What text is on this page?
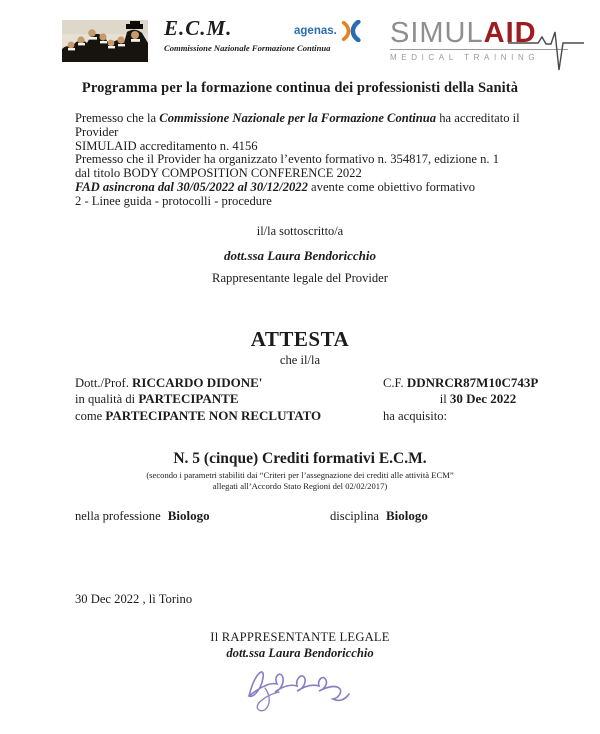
E.C.M.
Commissione Nazionale Formazione Continua
agenas. SIMULAID
MEDICAL TRAINING
Programma per la formazione continua dei professionisti della Sanità
Premesso che la Commissione Nazionale per la Formazione Continua ha accreditato il Provider
SIMULAID accreditamento n. 4156
Premesso che il Provider ha organizzato l’evento formativo n. 354817, edizione n. 1
dal titolo BODY COMPOSITION CONFERENCE 2022
FAD asincrona dal 30/05/2022 al 30/12/2022 avente come obiettivo formativo
2 - Linee guida - protocolli - procedure
il/la sottoscritto/a
dott.ssa Laura Bendoricchio
Rappresentante legale del Provider
ATTESTA
che il/la
Dott./Prof. RICCARDO DIDONE'
in qualità di PARTECIPANTE
come PARTECIPANTE NON RECLUTATO
C.F. DDNRCR87M10C743P
il 30 Dec 2022
ha acquisito:
N. 5 (cinque) Crediti formativi E.C.M.
(secondo i parametri stabiliti dai “Criteri per l’assegnazione dei crediti alle attività ECM”
allegati all’Accordo Stato Regioni del 02/02/2017)
nella professione Biologo	disciplina Biologo
30 Dec 2022 , lì Torino
Il RAPPRESENTANTE LEGALE
dott.ssa Laura Bendoricchio
